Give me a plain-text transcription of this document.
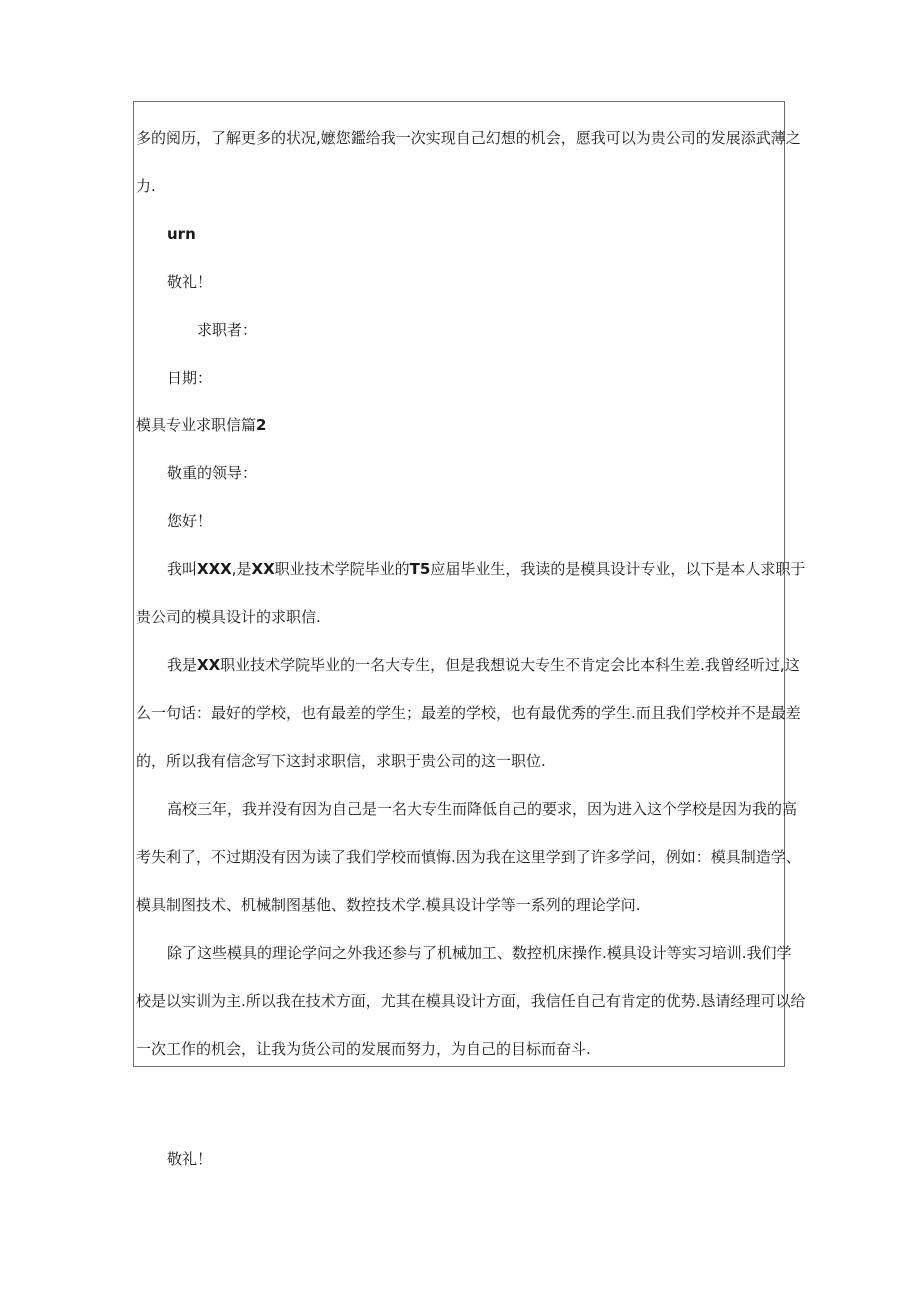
多的阅历，了解更多的状况,嬷您鑑给我一次实现自己幻想的机会，愿我可以为贵公司的发展添武薄之
力.
urn
敬礼！
求职者：
日期：
模具专业求职信篇2
敬重的领导：
您好！
我叫XXX,是XX职业技术学院毕业的T5应届毕业生，我读的是模具设计专业，以下是本人求职于
贵公司的模具设计的求职信.
我是XX职业技术学院毕业的一名大专生，但是我想说大专生不肯定会比本科生差.我曾经听过,这
么一句话：最好的学校，也有最差的学生；最差的学校，也有最优秀的学生.而且我们学校并不是最差
的，所以我有信念写下这封求职信，求职于贵公司的这一职位.
高校三年，我并没有因为自己是一名大专生而降低自己的要求，因为进入这个学校是因为我的高
考失利了，不过期没有因为读了我们学校而慎悔.因为我在这里学到了许多学问，例如：模具制造学、
模具制图技术、机械制图基他、数控技术学.模具设计学等一系列的理论学问.
除了这些模具的理论学问之外我还参与了机械加工、数控机床操作.模具设计等实习培训.我们学
校是以实训为主.所以我在技术方面，尤其在模具设计方面，我信任自己有肯定的优势.恳请经理可以给
一次工作的机会，让我为货公司的发展而努力，为自己的目标而奋斗.
敬礼！
